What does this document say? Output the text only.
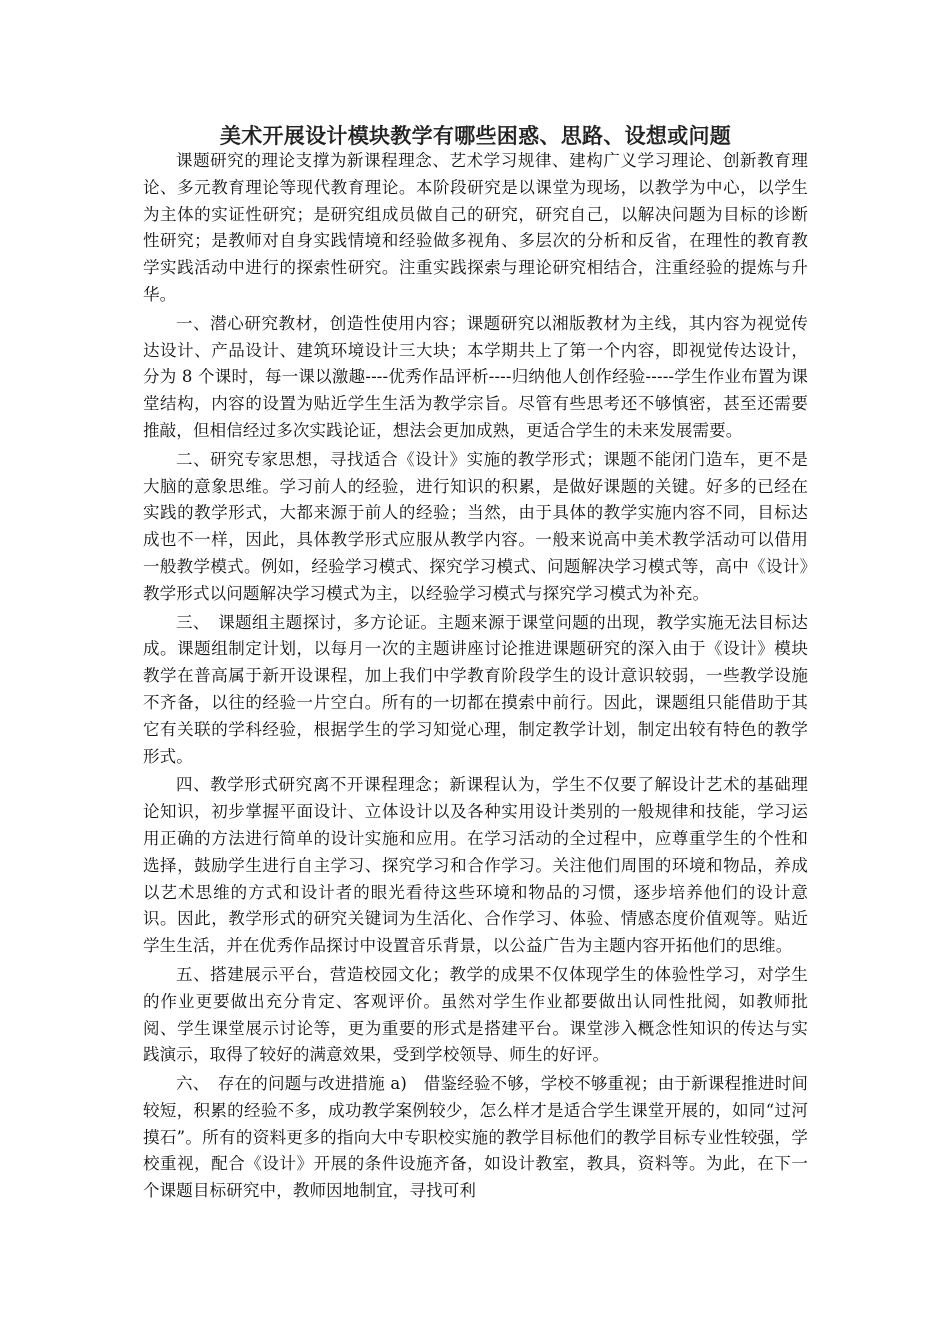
美术开展设计模块教学有哪些困惑、思路、设想或问题

课题研究的理论支撑为新课程理念、艺术学习规律、建构广义学习理论、创新教育理论、多元教育理论等现代教育理论。本阶段研究是以课堂为现场，以教学为中心，以学生为主体的实证性研究；是研究组成员做自己的研究，研究自己，以解决问题为目标的诊断性研究；是教师对自身实践情境和经验做多视角、多层次的分析和反省，在理性的教育教学实践活动中进行的探索性研究。注重实践探索与理论研究相结合，注重经验的提炼与升华。

一、潜心研究教材，创造性使用内容；课题研究以湘版教材为主线，其内容为视觉传达设计、产品设计、建筑环境设计三大块；本学期共上了第一个内容，即视觉传达设计，分为 8 个课时，每一课以激趣----优秀作品评析----归纳他人创作经验-----学生作业布置为课堂结构，内容的设置为贴近学生生活为教学宗旨。尽管有些思考还不够慎密，甚至还需要推敲，但相信经过多次实践论证，想法会更加成熟，更适合学生的未来发展需要。

二、研究专家思想，寻找适合《设计》实施的教学形式；课题不能闭门造车，更不是大脑的意象思维。学习前人的经验，进行知识的积累，是做好课题的关键。好多的已经在实践的教学形式，大都来源于前人的经验；当然，由于具体的教学实施内容不同，目标达成也不一样，因此，具体教学形式应服从教学内容。一般来说高中美术教学活动可以借用一般教学模式。例如，经验学习模式、探究学习模式、问题解决学习模式等，高中《设计》教学形式以问题解决学习模式为主，以经验学习模式与探究学习模式为补充。

三、　课题组主题探讨，多方论证。主题来源于课堂问题的出现，教学实施无法目标达成。课题组制定计划，以每月一次的主题讲座讨论推进课题研究的深入由于《设计》模块教学在普高属于新开设课程，加上我们中学教育阶段学生的设计意识较弱，一些教学设施不齐备，以往的经验一片空白。所有的一切都在摸索中前行。因此，课题组只能借助于其它有关联的学科经验，根据学生的学习知觉心理，制定教学计划，制定出较有特色的教学形式。

四、教学形式研究离不开课程理念；新课程认为，学生不仅要了解设计艺术的基础理论知识，初步掌握平面设计、立体设计以及各种实用设计类别的一般规律和技能，学习运用正确的方法进行简单的设计实施和应用。在学习活动的全过程中，应尊重学生的个性和选择，鼓励学生进行自主学习、探究学习和合作学习。关注他们周围的环境和物品，养成以艺术思维的方式和设计者的眼光看待这些环境和物品的习惯，逐步培养他们的设计意识。因此，教学形式的研究关键词为生活化、合作学习、体验、情感态度价值观等。贴近学生生活，并在优秀作品探讨中设置音乐背景，以公益广告为主题内容开拓他们的思维。

五、搭建展示平台，营造校园文化；教学的成果不仅体现学生的体验性学习，对学生的作业更要做出充分肯定、客观评价。虽然对学生作业都要做出认同性批阅，如教师批阅、学生课堂展示讨论等，更为重要的形式是搭建平台。课堂涉入概念性知识的传达与实践演示，取得了较好的满意效果，受到学校领导、师生的好评。

六、　存在的问题与改进措施 a)　借鉴经验不够，学校不够重视；由于新课程推进时间较短，积累的经验不多，成功教学案例较少，怎么样才是适合学生课堂开展的，如同“过河摸石”。所有的资料更多的指向大中专职校实施的教学目标他们的教学目标专业性较强，学校重视，配合《设计》开展的条件设施齐备，如设计教室，教具，资料等。为此，在下一个课题目标研究中，教师因地制宜，寻找可利
